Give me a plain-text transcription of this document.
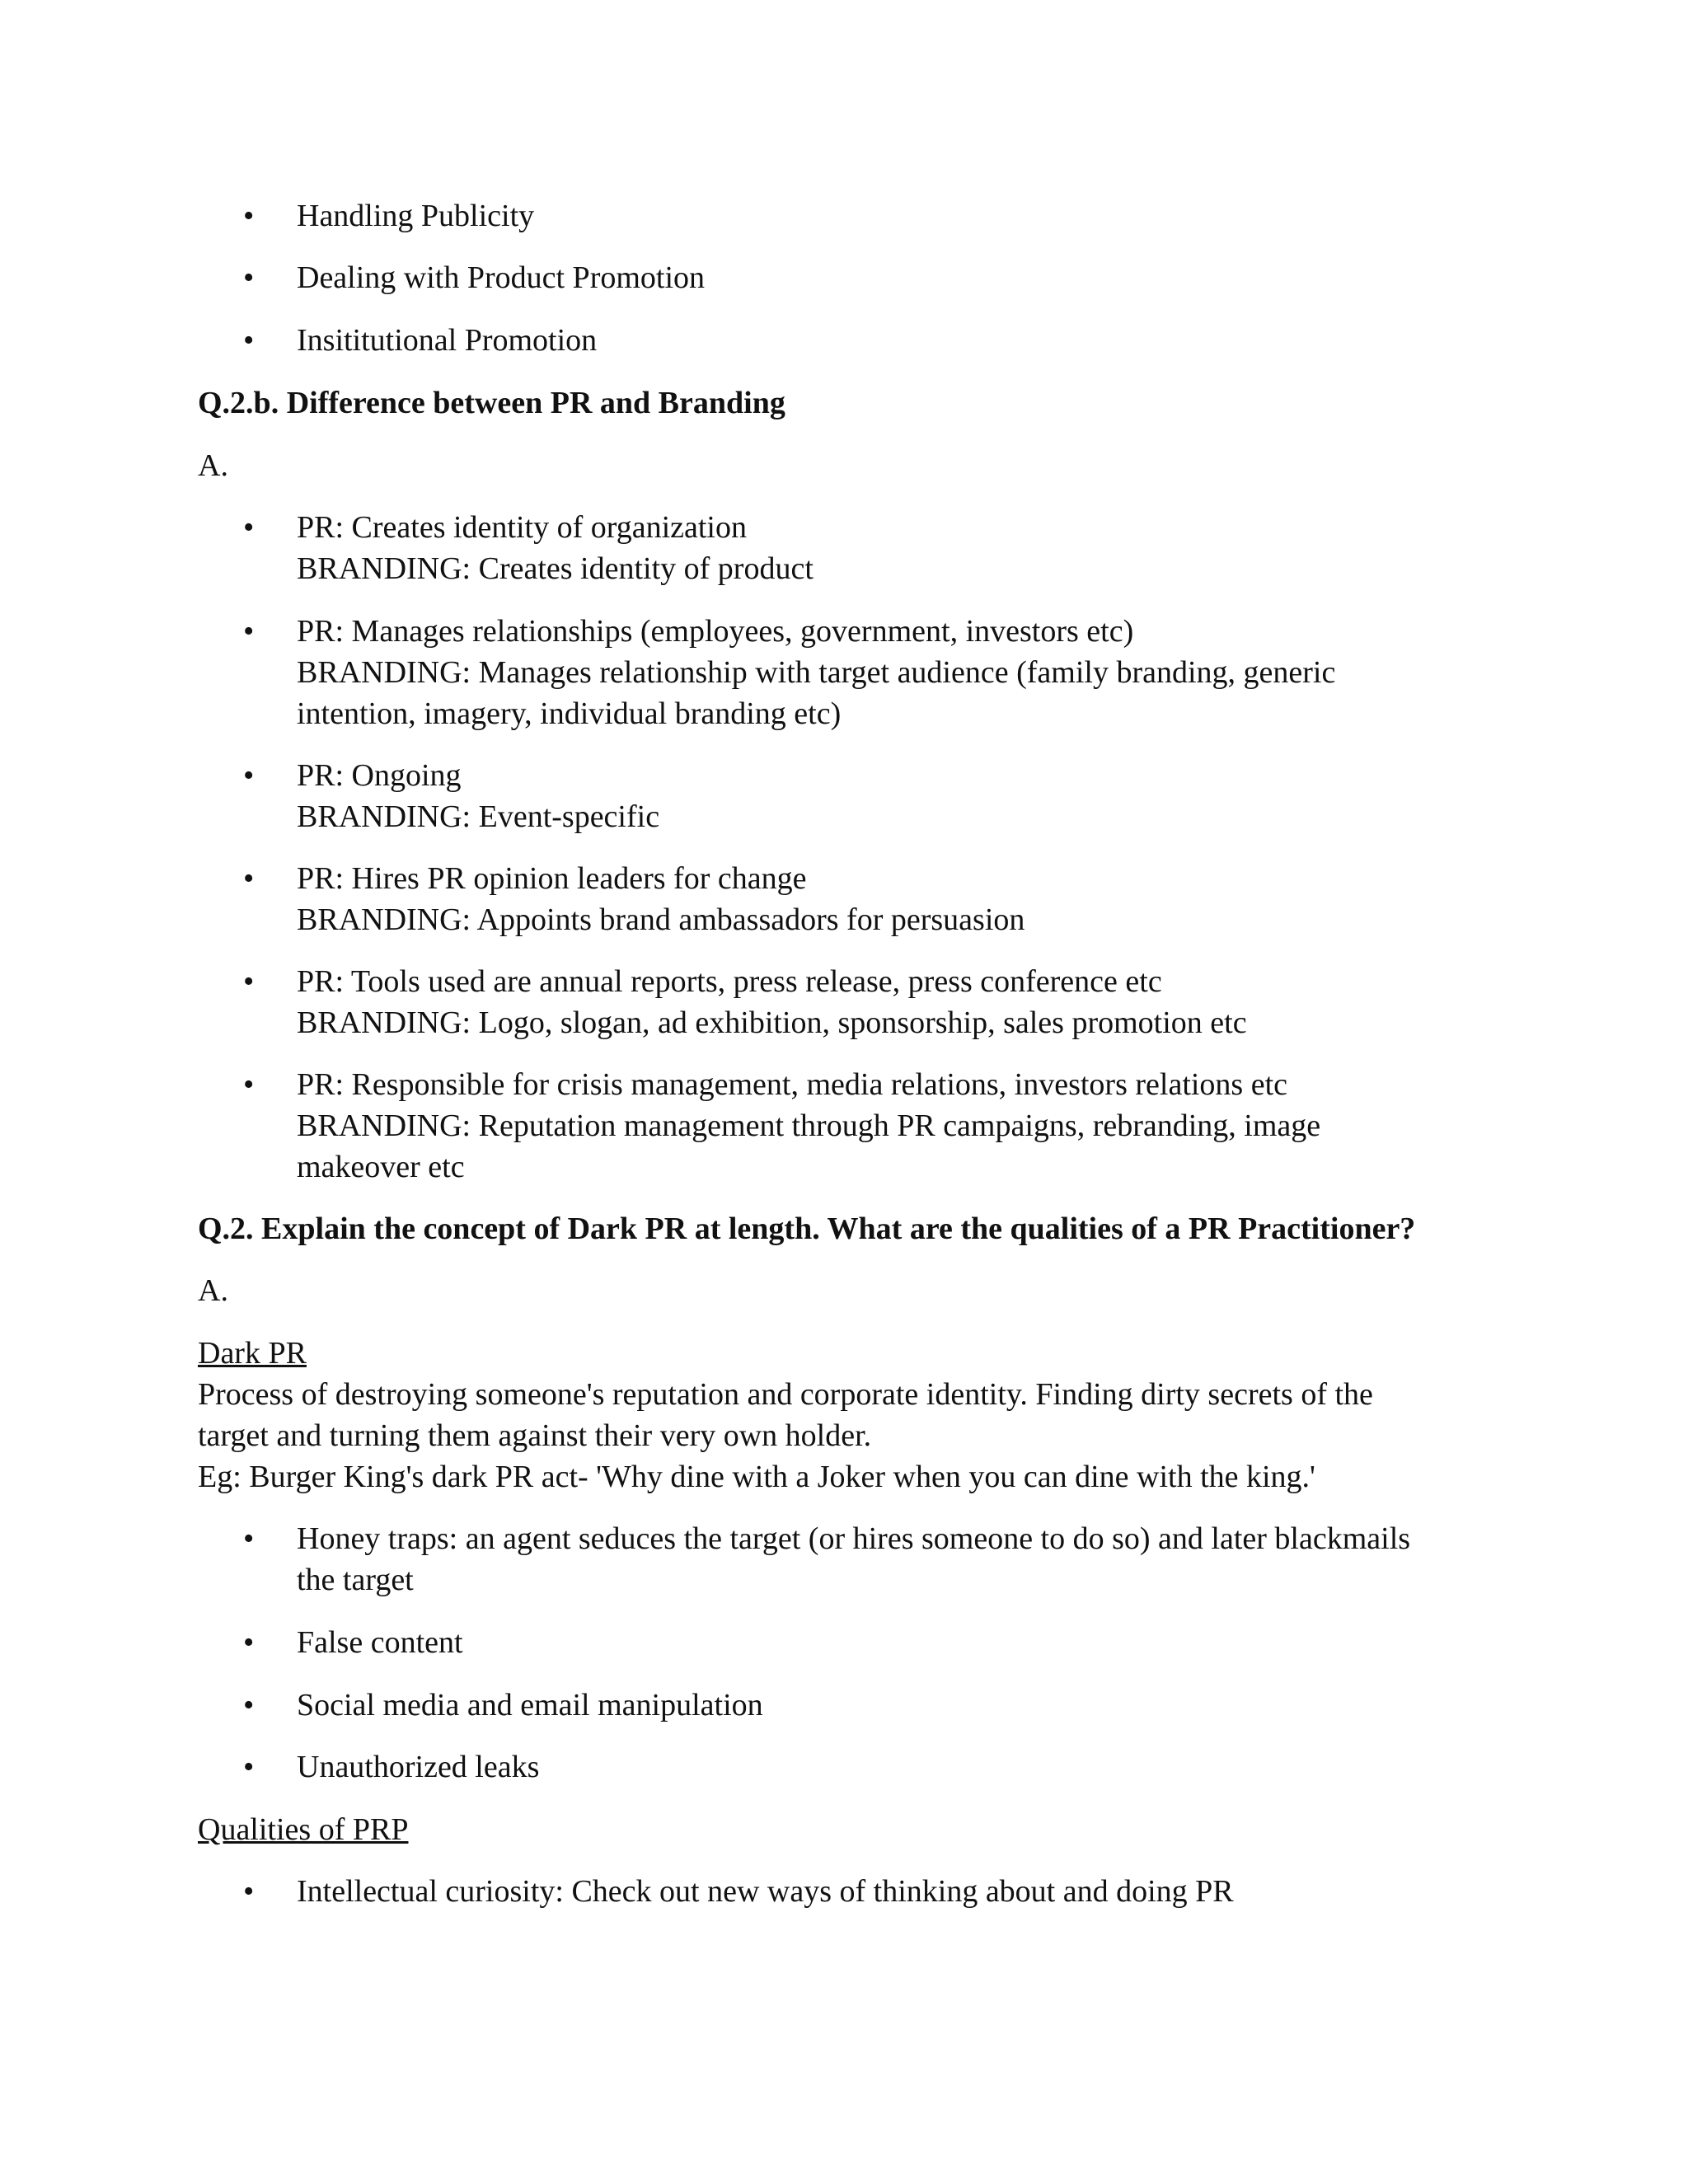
• Handling Publicity
• Dealing with Product Promotion
• Insititutional Promotion
Q.2.b. Difference between PR and Branding
A.
• PR: Creates identity of organization
BRANDING: Creates identity of product
• PR: Manages relationships (employees, government, investors etc)
BRANDING: Manages relationship with target audience (family branding, generic
intention, imagery, individual branding etc)
• PR: Ongoing
BRANDING: Event-specific
• PR: Hires PR opinion leaders for change
BRANDING: Appoints brand ambassadors for persuasion
• PR: Tools used are annual reports, press release, press conference etc
BRANDING: Logo, slogan, ad exhibition, sponsorship, sales promotion etc
• PR: Responsible for crisis management, media relations, investors relations etc
BRANDING: Reputation management through PR campaigns, rebranding, image
makeover etc
Q.2. Explain the concept of Dark PR at length. What are the qualities of a PR Practitioner?
A.
Dark PR
Process of destroying someone's reputation and corporate identity. Finding dirty secrets of the
target and turning them against their very own holder.
Eg: Burger King's dark PR act- 'Why dine with a Joker when you can dine with the king.'
• Honey traps: an agent seduces the target (or hires someone to do so) and later blackmails
the target
• False content
• Social media and email manipulation
• Unauthorized leaks
Qualities of PRP
• Intellectual curiosity: Check out new ways of thinking about and doing PR
